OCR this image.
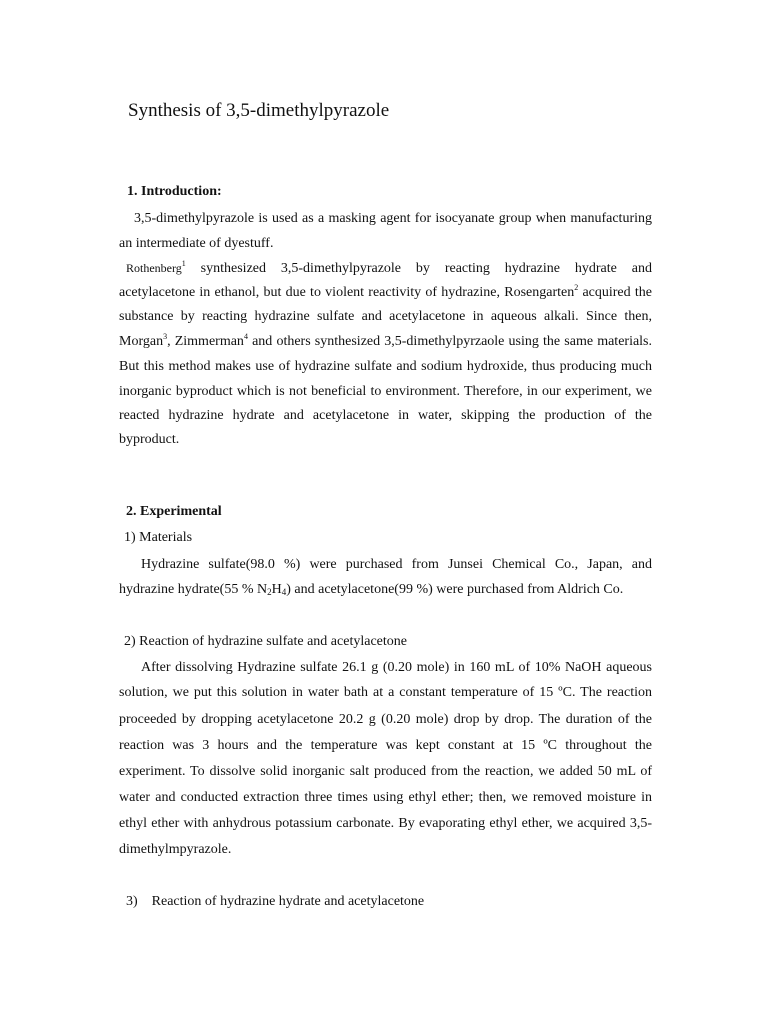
Synthesis of 3,5-dimethylpyrazole
1. Introduction:
3,5-dimethylpyrazole is used as a masking agent for isocyanate group when manufacturing
an intermediate of dyestuff.
Rothenberg$^1$ synthesized 3,5-dimethylpyrazole by reacting hydrazine hydrate and
acetylacetone in ethanol, but due to violent reactivity of hydrazine, Rosengarten$^2$ acquired the
substance by reacting hydrazine sulfate and acetylacetone in aqueous alkali. Since then,
Morgan$^3$, Zimmerman$^4$ and others synthesized 3,5-dimethylpyrzaole using the same materials.
But this method makes use of hydrazine sulfate and sodium hydroxide, thus producing much
inorganic byproduct which is not beneficial to environment. Therefore, in our experiment, we
reacted hydrazine hydrate and acetylacetone in water, skipping the production of the
byproduct.
2. Experimental
1) Materials
Hydrazine sulfate(98.0 %) were purchased from Junsei Chemical Co., Japan, and
hydrazine hydrate(55 % $N_2H_4$) and acetylacetone(99 %) were purchased from Aldrich Co.
2) Reaction of hydrazine sulfate and acetylacetone
After dissolving Hydrazine sulfate 26.1 g (0.20 mole) in 160 mL of 10% NaOH aqueous
solution, we put this solution in water bath at a constant temperature of 15 ºC. The reaction
proceeded by dropping acetylacetone 20.2 g (0.20 mole) drop by drop. The duration of the
reaction was 3 hours and the temperature was kept constant at 15 ºC throughout the
experiment. To dissolve solid inorganic salt produced from the reaction, we added 50 mL of
water and conducted extraction three times using ethyl ether; then, we removed moisture in
ethyl ether with anhydrous potassium carbonate. By evaporating ethyl ether, we acquired 3,5-
dimethylmpyrazole.
3)    Reaction of hydrazine hydrate and acetylacetone
